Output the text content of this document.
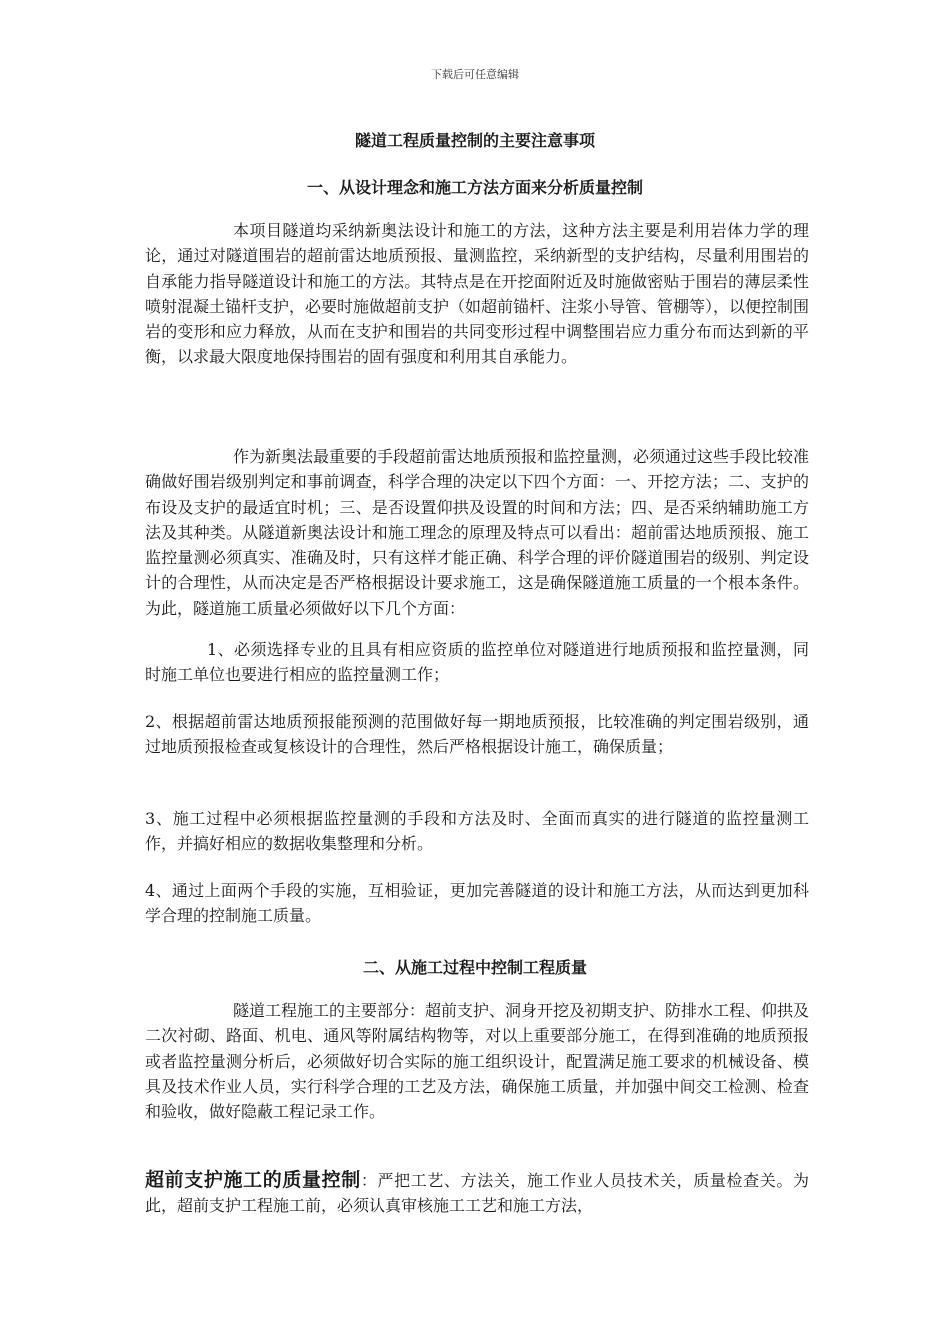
下载后可任意编辑
隧道工程质量控制的主要注意事项
一、从设计理念和施工方法方面来分析质量控制

本项目隧道均采纳新奥法设计和施工的方法，这种方法主要是利用岩体力学的理论，通过对隧道围岩的超前雷达地质预报、量测监控，采纳新型的支护结构，尽量利用围岩的自承能力指导隧道设计和施工的方法。其特点是在开挖面附近及时施做密贴于围岩的薄层柔性喷射混凝土锚杆支护，必要时施做超前支护（如超前锚杆、注浆小导管、管棚等），以便控制围岩的变形和应力释放，从而在支护和围岩的共同变形过程中调整围岩应力重分布而达到新的平衡，以求最大限度地保持围岩的固有强度和利用其自承能力。

作为新奥法最重要的手段超前雷达地质预报和监控量测，必须通过这些手段比较准确做好围岩级别判定和事前调查，科学合理的决定以下四个方面：一、开挖方法；二、支护的布设及支护的最适宜时机；三、是否设置仰拱及设置的时间和方法；四、是否采纳辅助施工方法及其种类。从隧道新奥法设计和施工理念的原理及特点可以看出：超前雷达地质预报、施工监控量测必须真实、准确及时，只有这样才能正确、科学合理的评价隧道围岩的级别、判定设计的合理性，从而决定是否严格根据设计要求施工，这是确保隧道施工质量的一个根本条件。为此，隧道施工质量必须做好以下几个方面：

1、必须选择专业的且具有相应资质的监控单位对隧道进行地质预报和监控量测，同时施工单位也要进行相应的监控量测工作；

2、根据超前雷达地质预报能预测的范围做好每一期地质预报，比较准确的判定围岩级别，通过地质预报检查或复核设计的合理性，然后严格根据设计施工，确保质量；

3、施工过程中必须根据监控量测的手段和方法及时、全面而真实的进行隧道的监控量测工作，并搞好相应的数据收集整理和分析。

4、通过上面两个手段的实施，互相验证，更加完善隧道的设计和施工方法，从而达到更加科学合理的控制施工质量。

二、从施工过程中控制工程质量

隧道工程施工的主要部分：超前支护、洞身开挖及初期支护、防排水工程、仰拱及二次衬砌、路面、机电、通风等附属结构物等，对以上重要部分施工，在得到准确的地质预报或者监控量测分析后，必须做好切合实际的施工组织设计，配置满足施工要求的机械设备、模具及技术作业人员，实行科学合理的工艺及方法，确保施工质量，并加强中间交工检测、检查和验收，做好隐蔽工程记录工作。

超前支护施工的质量控制：严把工艺、方法关，施工作业人员技术关，质量检查关。为此，超前支护工程施工前，必须认真审核施工工艺和施工方法，
